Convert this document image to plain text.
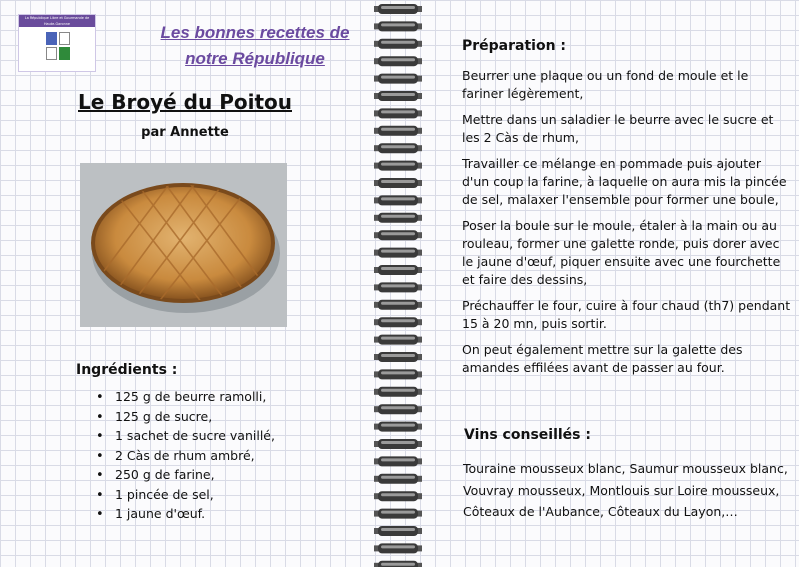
La République Libre et Gourmande de Haute-Garonne	Les bonnes recettes de
notre République
Le Broyé du Poitou
par Annette
Ingrédients :
• 125 g de beurre ramolli,
• 125 g de sucre,
• 1 sachet de sucre vanillé,
• 2 Càs de rhum ambré,
• 250 g de farine,
• 1 pincée de sel,
• 1 jaune d'œuf.
Préparation :

Beurrer une plaque ou un fond de moule et le fariner légèrement,

Mettre dans un saladier le beurre avec le sucre et les 2 Càs de rhum,

Travailler ce mélange en pommade puis ajouter d'un coup la farine, à laquelle on aura mis la pincée de sel, malaxer l'ensemble pour former une boule,

Poser la boule sur le moule, étaler à la main ou au rouleau, former une galette ronde, puis dorer avec le jaune d'œuf, piquer ensuite avec une fourchette et faire des dessins,

Préchauffer le four, cuire à four chaud (th7) pendant 15 à 20 mn, puis sortir.

On peut également mettre sur la galette des amandes effilées avant de passer au four.

Vins conseillés :
Touraine mousseux blanc, Saumur mousseux blanc,
Vouvray mousseux, Montlouis sur Loire mousseux,
Côteaux de l'Aubance, Côteaux du Layon,…
